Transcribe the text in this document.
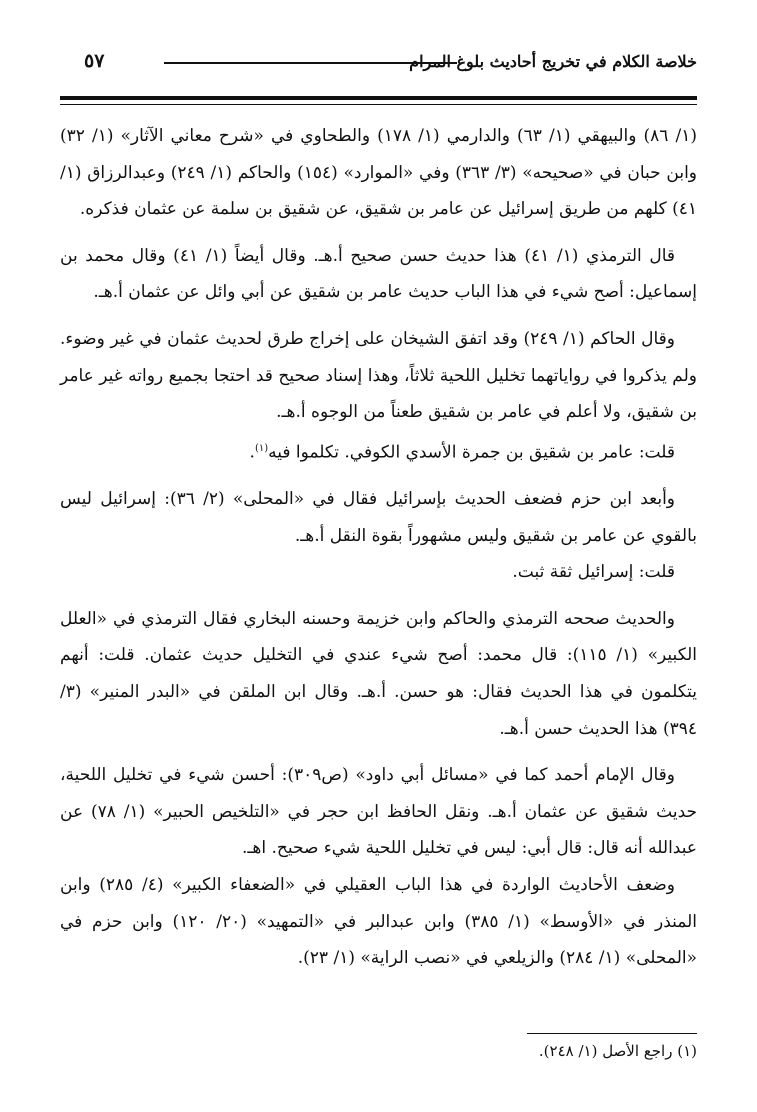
خلاصة الكلام في تخريج أحاديث بلوغ المرام
٥٧

(١/ ٨٦) والبيهقي (١/ ٦٣) والدارمي (١/ ١٧٨) والطحاوي في «شرح معاني الآثار» (١/ ٣٢) وابن حبان في «صحيحه» (٣/ ٣٦٣) وفي «الموارد» (١٥٤) والحاكم (١/ ٢٤٩) وعبدالرزاق (١/ ٤١) كلهم من طريق إسرائيل عن عامر بن شقيق، عن شقيق بن سلمة عن عثمان فذكره.

قال الترمذي (١/ ٤١) هذا حديث حسن صحيح أ.هـ. وقال أيضاً (١/ ٤١) وقال محمد بن إسماعيل: أصح شيء في هذا الباب حديث عامر بن شقيق عن أبي وائل عن عثمان أ.هـ.

وقال الحاكم (١/ ٢٤٩) وقد اتفق الشيخان على إخراج طرق لحديث عثمان في غير وضوء. ولم يذكروا في رواياتهما تخليل اللحية ثلاثاً، وهذا إسناد صحيح قد احتجا بجميع رواته غير عامر بن شقيق، ولا أعلم في عامر بن شقيق طعناً من الوجوه أ.هـ.

قلت: عامر بن شقيق بن جمرة الأسدي الكوفي. تكلموا فيه$^{(١)}$.

وأبعد ابن حزم فضعف الحديث بإسرائيل فقال في «المحلى» (٢/ ٣٦): إسرائيل ليس بالقوي عن عامر بن شقيق وليس مشهوراً بقوة النقل أ.هـ.

قلت: إسرائيل ثقة ثبت.

والحديث صححه الترمذي والحاكم وابن خزيمة وحسنه البخاري فقال الترمذي في «العلل الكبير» (١/ ١١٥): قال محمد: أصح شيء عندي في التخليل حديث عثمان. قلت: أنهم يتكلمون في هذا الحديث فقال: هو حسن. أ.هـ. وقال ابن الملقن في «البدر المنير» (٣/ ٣٩٤) هذا الحديث حسن أ.هـ.

وقال الإمام أحمد كما في «مسائل أبي داود» (ص٣٠٩): أحسن شيء في تخليل اللحية، حديث شقيق عن عثمان أ.هـ. ونقل الحافظ ابن حجر في «التلخيص الحبير» (١/ ٧٨) عن عبدالله أنه قال: قال أبي: ليس في تخليل اللحية شيء صحيح. اهـ.

وضعف الأحاديث الواردة في هذا الباب العقيلي في «الضعفاء الكبير» (٤/ ٢٨٥) وابن المنذر في «الأوسط» (١/ ٣٨٥) وابن عبدالبر في «التمهيد» (٢٠/ ١٢٠) وابن حزم في «المحلى» (١/ ٢٨٤) والزيلعي في «نصب الراية» (١/ ٢٣).

(١) راجع الأصل (١/ ٢٤٨).
